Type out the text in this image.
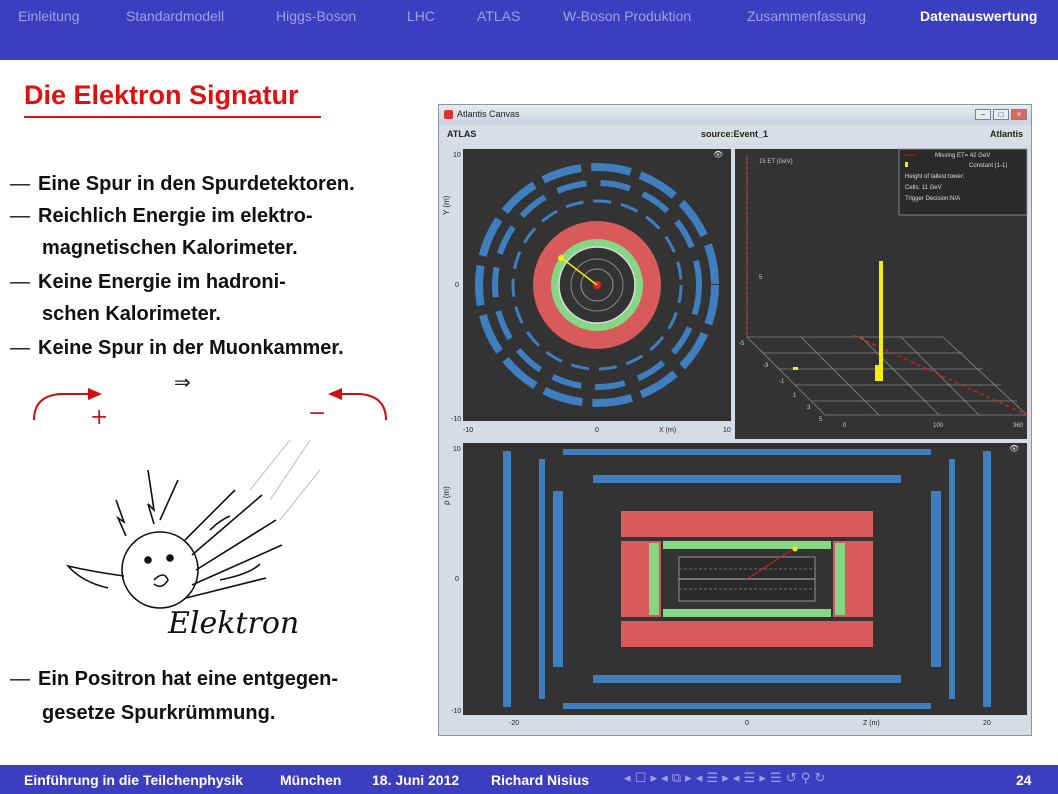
Einleitung	Standardmodell	Higgs-Boson	LHC	ATLAS	W-Boson Produktion	Zusammenfassung	Datenauswertung
Die Elektron Signatur
— Eine Spur in den Spurdetektoren.
— Reichlich Energie im elektro-
magnetischen Kalorimeter.
— Keine Energie im hadroni-
schen Kalorimeter.
— Keine Spur in der Muonkammer.
⇒
+	−
Elektron
— Ein Positron hat eine entgegen-
gesetze Spurkrümmung.
Atlantis Canvas	–	□	×
ATLAS	source:Event_1	Atlantis
Y (m)
10
0
-10
-10	0	10
X (m)
👁
15 ET (GeV)
5
Missing ET= 42 GeV
Constant (1-1)
Height of tallest tower:
Cells: 11 GeV
Trigger Decision:N/A
-5
-3
-1
1
3
5
0	100	360
ρ (m)
10
0
-10
-20	0	20
Z (m)
👁
Einführung in die Teilchenphysik	München 18. Juni 2012 Richard Nisius	◂ ☐ ▸ ◂ ⧉ ▸ ◂ ☰ ▸ ◂ ☰ ▸ ☰ ↺ ⚲ ↻	24
